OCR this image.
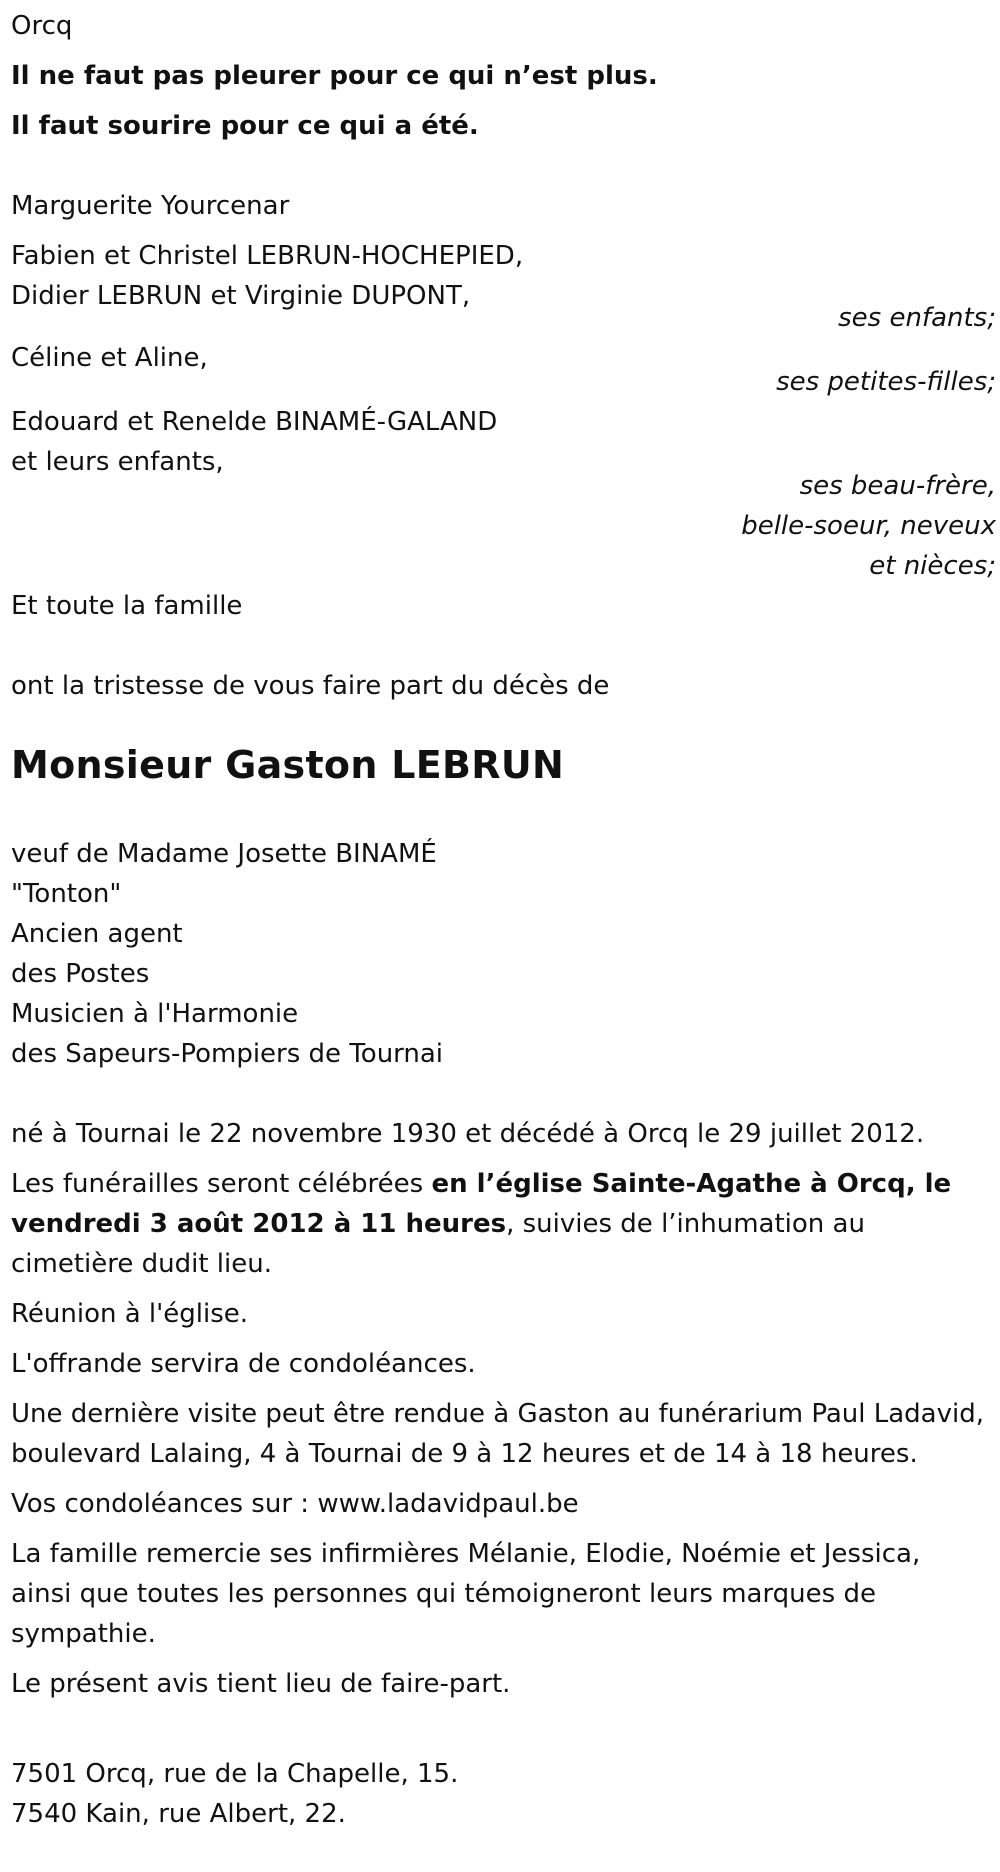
Orcq
Il ne faut pas pleurer pour ce qui n’est plus.
Il faut sourire pour ce qui a été.
Marguerite Yourcenar
Fabien et Christel LEBRUN-HOCHEPIED,
Didier LEBRUN et Virginie DUPONT,
ses enfants;
Céline et Aline,
ses petites-filles;
Edouard et Renelde BINAMÉ-GALAND
et leurs enfants,
ses beau-frère,
belle-soeur, neveux
et nièces;
Et toute la famille
ont la tristesse de vous faire part du décès de
Monsieur Gaston LEBRUN
veuf de Madame Josette BINAMÉ
"Tonton"
Ancien agent
des Postes
Musicien à l'Harmonie
des Sapeurs-Pompiers de Tournai
né à Tournai le 22 novembre 1930 et décédé à Orcq le 29 juillet 2012.
Les funérailles seront célébrées en l’église Sainte-Agathe à Orcq, le vendredi 3 août 2012 à 11 heures, suivies de l’inhumation au cimetière dudit lieu.
Réunion à l'église.
L'offrande servira de condoléances.
Une dernière visite peut être rendue à Gaston au funérarium Paul Ladavid, boulevard Lalaing, 4 à Tournai de 9 à 12 heures et de 14 à 18 heures.
Vos condoléances sur : www.ladavidpaul.be
La famille remercie ses infirmières Mélanie, Elodie, Noémie et Jessica, ainsi que toutes les personnes qui témoigneront leurs marques de sympathie.
Le présent avis tient lieu de faire-part.
7501 Orcq, rue de la Chapelle, 15.
7540 Kain, rue Albert, 22.
